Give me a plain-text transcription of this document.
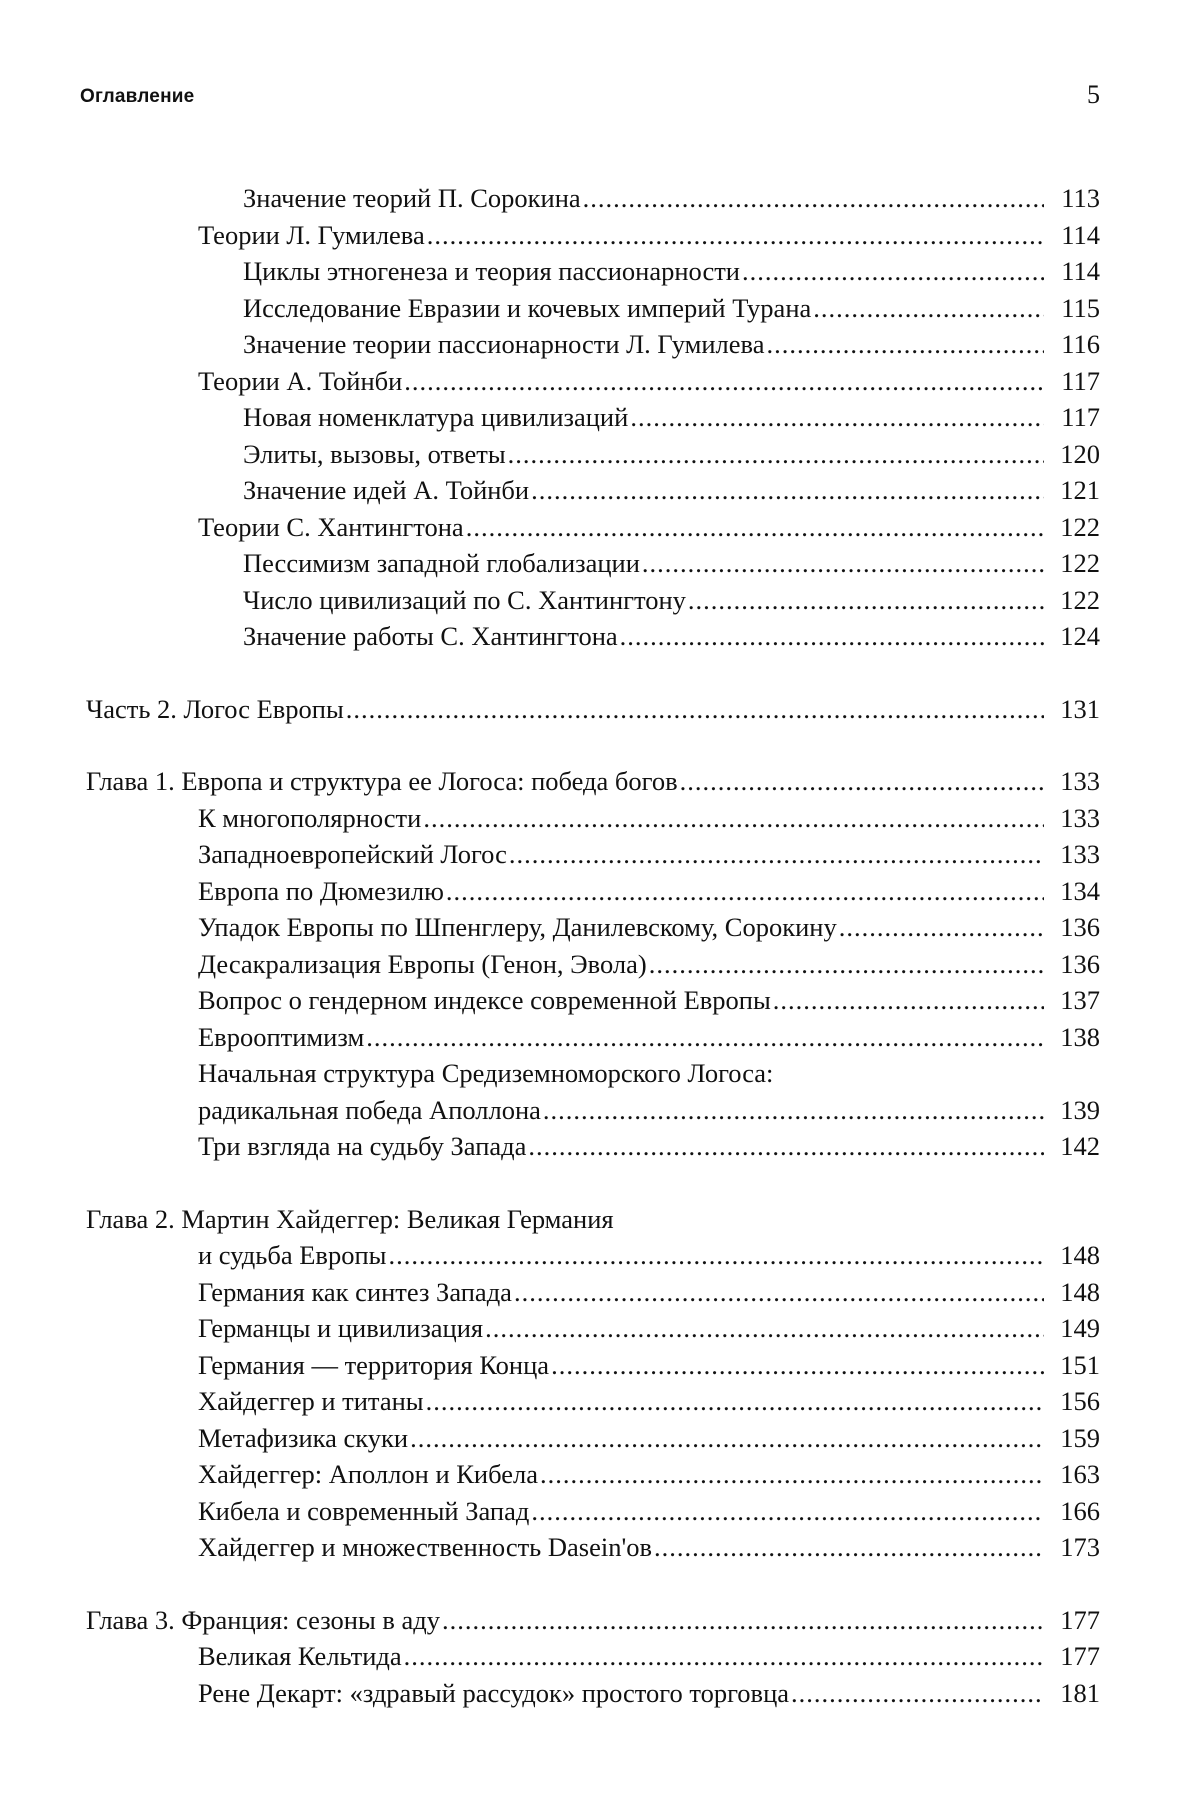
Оглавление	5
Значение теорий П. Сорокина .....	113
Теории Л. Гумилева .....	114
Циклы этногенеза и теория пассионарности .....	114
Исследование Евразии и кочевых империй Турана .....	115
Значение теории пассионарности Л. Гумилева .....	116
Теории А. Тойнби .....	117
Новая номенклатура цивилизаций .....	117
Элиты, вызовы, ответы .....	120
Значение идей А. Тойнби .....	121
Теории С. Хантингтона .....	122
Пессимизм западной глобализации .....	122
Число цивилизаций по С. Хантингтону .....	122
Значение работы С. Хантингтона .....	124
Часть 2. Логос Европы .....	131
Глава 1. Европа и структура ее Логоса: победа богов .....	133
К многополярности .....	133
Западноевропейский Логос .....	133
Европа по Дюмезилю .....	134
Упадок Европы по Шпенглеру, Данилевскому, Сорокину .....	136
Десакрализация Европы (Генон, Эвола) .....	136
Вопрос о гендерном индексе современной Европы .....	137
Еврооптимизм .....	138
Начальная структура Средиземноморского Логоса:
радикальная победа Аполлона .....	139
Три взгляда на судьбу Запада .....	142
Глава 2. Мартин Хайдеггер: Великая Германия
и судьба Европы .....	148
Германия как синтез Запада .....	148
Германцы и цивилизация .....	149
Германия — территория Конца .....	151
Хайдеггер и титаны .....	156
Метафизика скуки .....	159
Хайдеггер: Аполлон и Кибела .....	163
Кибела и современный Запад .....	166
Хайдеггер и множественность Dasein'ов .....	173
Глава 3. Франция: сезоны в аду .....	177
Великая Кельтида .....	177
Рене Декарт: «здравый рассудок» простого торговца .....	181
